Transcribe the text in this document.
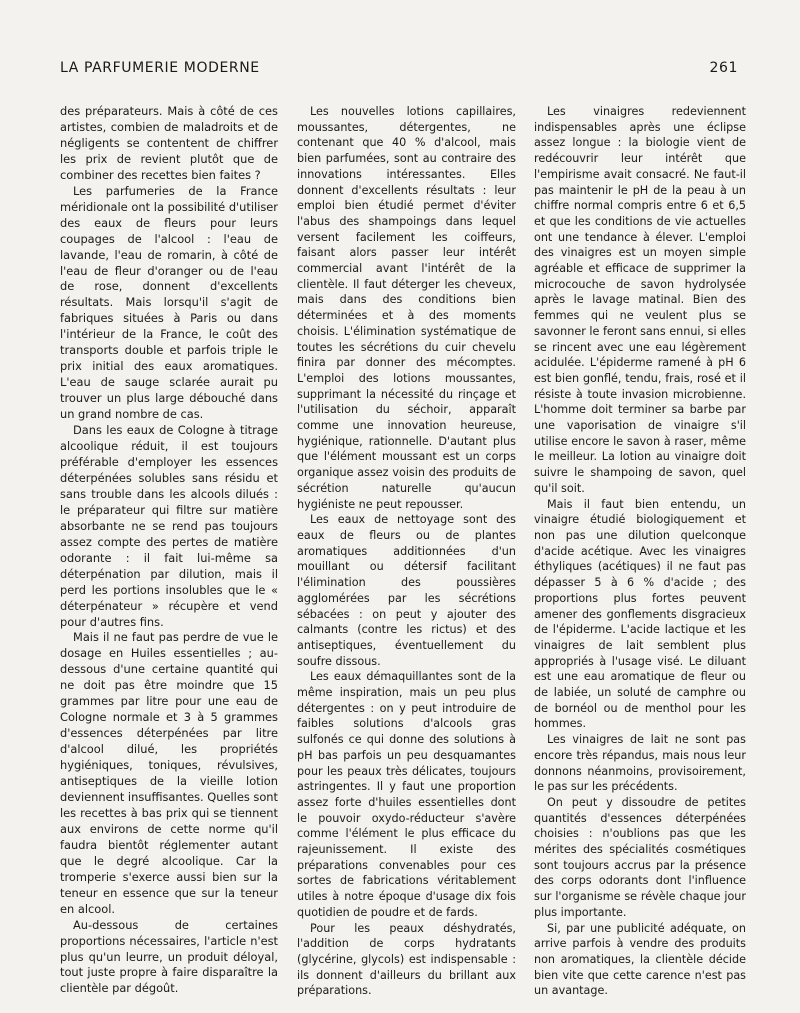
LA PARFUMERIE MODERNE	261

des préparateurs. Mais à côté de ces artistes, combien de maladroits et de négligents se contentent de chiffrer les prix de revient plutôt que de combiner des recettes bien faites ?

Les parfumeries de la France méridionale ont la possibilité d'utiliser des eaux de fleurs pour leurs coupages de l'alcool : l'eau de lavande, l'eau de romarin, à côté de l'eau de fleur d'oranger ou de l'eau de rose, donnent d'excellents résultats. Mais lorsqu'il s'agit de fabriques situées à Paris ou dans l'intérieur de la France, le coût des transports double et parfois triple le prix initial des eaux aromatiques. L'eau de sauge sclarée aurait pu trouver un plus large débouché dans un grand nombre de cas.

Dans les eaux de Cologne à titrage alcoolique réduit, il est toujours préférable d'employer les essences déterpénées solubles sans résidu et sans trouble dans les alcools dilués : le préparateur qui filtre sur matière absorbante ne se rend pas toujours assez compte des pertes de matière odorante : il fait lui-même sa déterpénation par dilution, mais il perd les portions insolubles que le « déterpénateur » récupère et vend pour d'autres fins.

Mais il ne faut pas perdre de vue le dosage en Huiles essentielles ; au-dessous d'une certaine quantité qui ne doit pas être moindre que 15 grammes par litre pour une eau de Cologne normale et 3 à 5 grammes d'essences déterpénées par litre d'alcool dilué, les propriétés hygiéniques, toniques, révulsives, antiseptiques de la vieille lotion deviennent insuffisantes. Quelles sont les recettes à bas prix qui se tiennent aux environs de cette norme qu'il faudra bientôt réglementer autant que le degré alcoolique. Car la tromperie s'exerce aussi bien sur la teneur en essence que sur la teneur en alcool.

Au-dessous de certaines proportions nécessaires, l'article n'est plus qu'un leurre, un produit déloyal, tout juste propre à faire disparaître la clientèle par dégoût.

Les nouvelles lotions capillaires, moussantes, détergentes, ne contenant que 40 % d'alcool, mais bien parfumées, sont au contraire des innovations intéressantes. Elles donnent d'excellents résultats : leur emploi bien étudié permet d'éviter l'abus des shampoings dans lequel versent facilement les coiffeurs, faisant alors passer leur intérêt commercial avant l'intérêt de la clientèle. Il faut déterger les cheveux, mais dans des conditions bien déterminées et à des moments choisis. L'élimination systématique de toutes les sécrétions du cuir chevelu finira par donner des mécomptes. L'emploi des lotions moussantes, supprimant la nécessité du rinçage et l'utilisation du séchoir, apparaît comme une innovation heureuse, hygiénique, rationnelle. D'autant plus que l'élément moussant est un corps organique assez voisin des produits de sécrétion naturelle qu'aucun hygiéniste ne peut repousser.

Les eaux de nettoyage sont des eaux de fleurs ou de plantes aromatiques additionnées d'un mouillant ou détersif facilitant l'élimination des poussières agglomérées par les sécrétions sébacées : on peut y ajouter des calmants (contre les rictus) et des antiseptiques, éventuellement du soufre dissous.

Les eaux démaquillantes sont de la même inspiration, mais un peu plus détergentes : on y peut introduire de faibles solutions d'alcools gras sulfonés ce qui donne des solutions à pH bas parfois un peu desquamantes pour les peaux très délicates, toujours astringentes. Il y faut une proportion assez forte d'huiles essentielles dont le pouvoir oxydo-réducteur s'avère comme l'élément le plus efficace du rajeunissement. Il existe des préparations convenables pour ces sortes de fabrications véritablement utiles à notre époque d'usage dix fois quotidien de poudre et de fards.

Pour les peaux déshydratés, l'addition de corps hydratants (glycérine, glycols) est indispensable : ils donnent d'ailleurs du brillant aux préparations.

Les vinaigres redeviennent indispensables après une éclipse assez longue : la biologie vient de redécouvrir leur intérêt que l'empirisme avait consacré. Ne faut-il pas maintenir le pH de la peau à un chiffre normal compris entre 6 et 6,5 et que les conditions de vie actuelles ont une tendance à élever. L'emploi des vinaigres est un moyen simple agréable et efficace de supprimer la microcouche de savon hydrolysée après le lavage matinal. Bien des femmes qui ne veulent plus se savonner le feront sans ennui, si elles se rincent avec une eau légèrement acidulée. L'épiderme ramené à pH 6 est bien gonflé, tendu, frais, rosé et il résiste à toute invasion microbienne. L'homme doit terminer sa barbe par une vaporisation de vinaigre s'il utilise encore le savon à raser, même le meilleur. La lotion au vinaigre doit suivre le shampoing de savon, quel qu'il soit.

Mais il faut bien entendu, un vinaigre étudié biologiquement et non pas une dilution quelconque d'acide acétique. Avec les vinaigres éthyliques (acétiques) il ne faut pas dépasser 5 à 6 % d'acide ; des proportions plus fortes peuvent amener des gonflements disgracieux de l'épiderme. L'acide lactique et les vinaigres de lait semblent plus appropriés à l'usage visé. Le diluant est une eau aromatique de fleur ou de labiée, un soluté de camphre ou de bornéol ou de menthol pour les hommes.

Les vinaigres de lait ne sont pas encore très répandus, mais nous leur donnons néanmoins, provisoirement, le pas sur les précédents.

On peut y dissoudre de petites quantités d'essences déterpénées choisies : n'oublions pas que les mérites des spécialités cosmétiques sont toujours accrus par la présence des corps odorants dont l'influence sur l'organisme se révèle chaque jour plus importante.

Si, par une publicité adéquate, on arrive parfois à vendre des produits non aromatiques, la clientèle décide bien vite que cette carence n'est pas un avantage.
